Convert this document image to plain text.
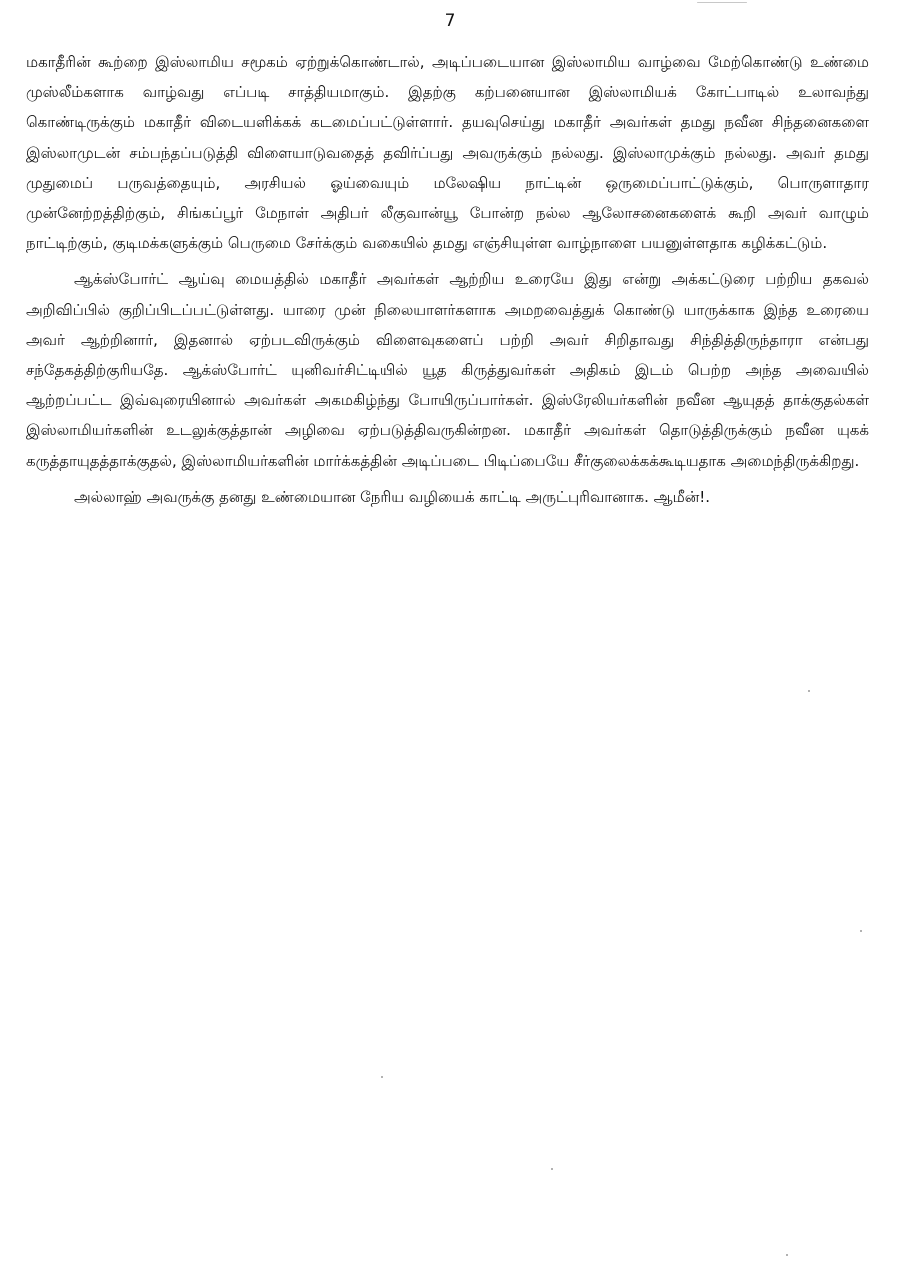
7

மகாதீரின் கூற்றை இஸ்லாமிய சமூகம் ஏற்றுக்கொண்டால், அடிப்படையான இஸ்லாமிய வாழ்வை மேற்கொண்டு உண்மை முஸ்லீம்களாக வாழ்வது எப்படி சாத்தியமாகும். இதற்கு கற்பனையான இஸ்லாமியக் கோட்பாடில் உலாவந்து கொண்டிருக்கும் மகாதீர் விடையளிக்கக் கடமைப்பட்டுள்ளார். தயவுசெய்து மகாதீர் அவர்கள் தமது நவீன சிந்தனைகளை இஸ்லாமுடன் சம்பந்தப்படுத்தி விளையாடுவதைத் தவிர்ப்பது அவருக்கும் நல்லது. இஸ்லாமுக்கும் நல்லது. அவர் தமது முதுமைப் பருவத்தையும், அரசியல் ஓய்வையும் மலேஷிய நாட்டின் ஒருமைப்பாட்டுக்கும், பொருளாதார முன்னேற்றத்திற்கும், சிங்கப்பூர் மேநாள் அதிபர் லீகுவான்யூ போன்ற நல்ல ஆலோசனைகளைக் கூறி அவர் வாழும் நாட்டிற்கும், குடிமக்களுக்கும் பெருமை சேர்க்கும் வகையில் தமது எஞ்சியுள்ள வாழ்நாளை பயனுள்ளதாக கழிக்கட்டும்.

ஆக்ஸ்போர்ட் ஆய்வு மையத்தில் மகாதீர் அவர்கள் ஆற்றிய உரையே இது என்று அக்கட்டுரை பற்றிய தகவல் அறிவிப்பில் குறிப்பிடப்பட்டுள்ளது. யாரை முன் நிலையாளர்களாக அமறவைத்துக் கொண்டு யாருக்காக இந்த உரையை அவர் ஆற்றினார், இதனால் ஏற்படவிருக்கும் விளைவுகளைப் பற்றி அவர் சிறிதாவது சிந்தித்திருந்தாரா என்பது சந்தேகத்திற்குரியதே. ஆக்ஸ்போர்ட் யுனிவர்சிட்டியில் யூத கிருத்துவர்கள் அதிகம் இடம் பெற்ற அந்த அவையில் ஆற்றப்பட்ட இவ்வுரையினால் அவர்கள் அகமகிழ்ந்து போயிருப்பார்கள். இஸ்ரேலியர்களின் நவீன ஆயுதத் தாக்குதல்கள் இஸ்லாமியர்களின் உடலுக்குத்தான் அழிவை ஏற்படுத்திவருகின்றன. மகாதீர் அவர்கள் தொடுத்திருக்கும் நவீன யுகக் கருத்தாயுதத்தாக்குதல், இஸ்லாமியர்களின் மார்க்கத்தின் அடிப்படை பிடிப்பையே சீர்குலைக்கக்கூடியதாக அமைந்திருக்கிறது.

அல்லாஹ் அவருக்கு தனது உண்மையான நேரிய வழியைக் காட்டி அருட்புரிவானாக. ஆமீன்!.
